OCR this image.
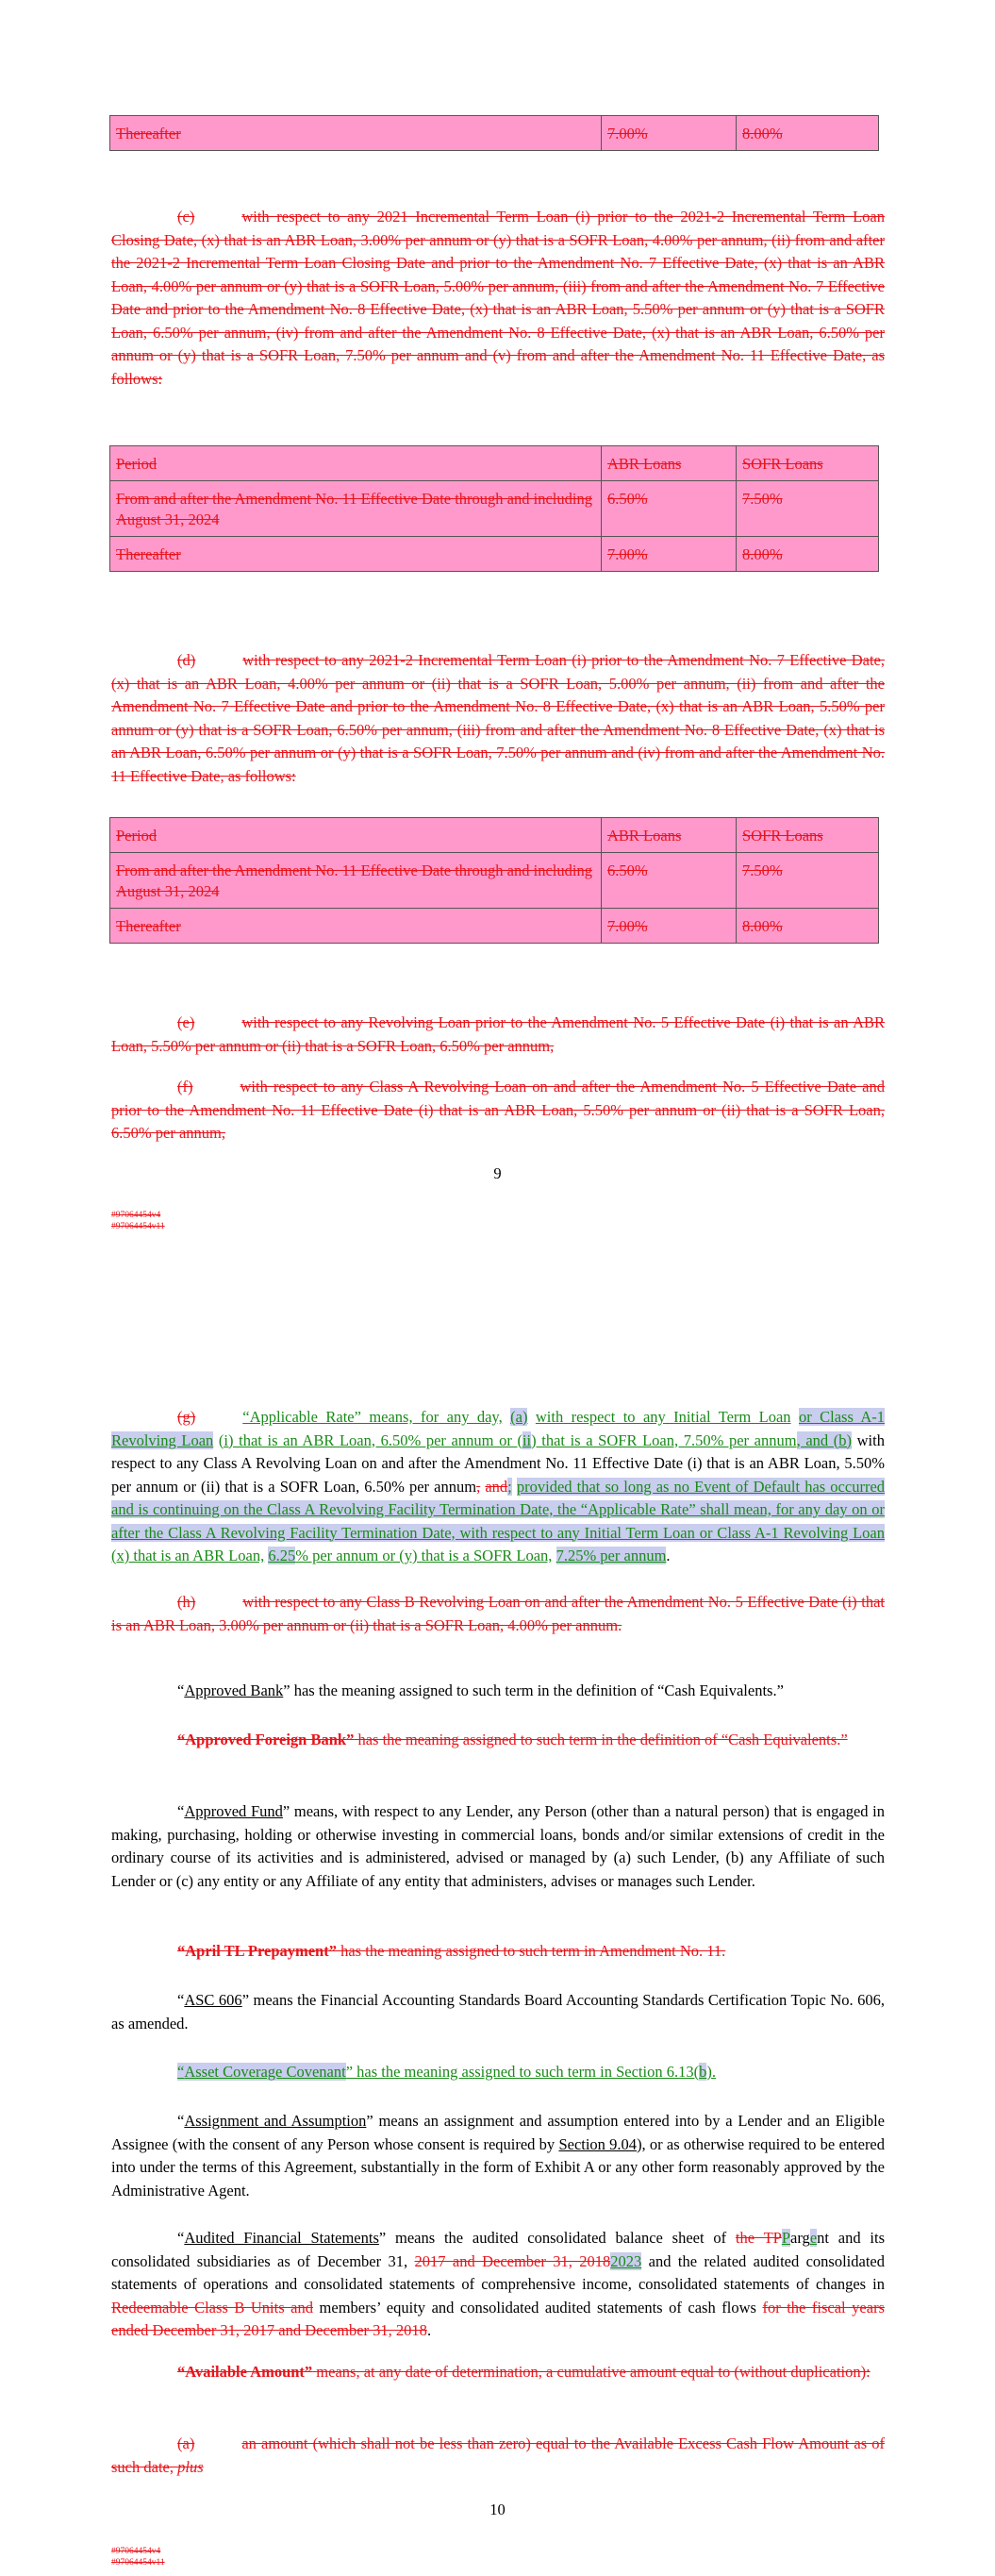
Thereafter	7.00%	8.00%

(c)	with respect to any 2021 Incremental Term Loan (i) prior to the 2021-2 Incremental Term Loan Closing Date, (x) that is an ABR Loan, 3.00% per annum or (y) that is a SOFR Loan, 4.00% per annum, (ii) from and after the 2021-2 Incremental Term Loan Closing Date and prior to the Amendment No. 7 Effective Date, (x) that is an ABR Loan, 4.00% per annum or (y) that is a SOFR Loan, 5.00% per annum, (iii) from and after the Amendment No. 7 Effective Date and prior to the Amendment No. 8 Effective Date, (x) that is an ABR Loan, 5.50% per annum or (y) that is a SOFR Loan, 6.50% per annum, (iv) from and after the Amendment No. 8 Effective Date, (x) that is an ABR Loan, 6.50% per annum or (y) that is a SOFR Loan, 7.50% per annum and (v) from and after the Amendment No. 11 Effective Date, as follows:

Period	ABR Loans	SOFR Loans
From and after the Amendment No. 11 Effective Date through and including August 31, 2024	6.50%	7.50%
Thereafter	7.00%	8.00%

(d)	with respect to any 2021-2 Incremental Term Loan (i) prior to the Amendment No. 7 Effective Date, (x) that is an ABR Loan, 4.00% per annum or (ii) that is a SOFR Loan, 5.00% per annum, (ii) from and after the Amendment No. 7 Effective Date and prior to the Amendment No. 8 Effective Date, (x) that is an ABR Loan, 5.50% per annum or (y) that is a SOFR Loan, 6.50% per annum, (iii) from and after the Amendment No. 8 Effective Date, (x) that is an ABR Loan, 6.50% per annum or (y) that is a SOFR Loan, 7.50% per annum and (iv) from and after the Amendment No. 11 Effective Date, as follows:

Period	ABR Loans	SOFR Loans
From and after the Amendment No. 11 Effective Date through and including August 31, 2024	6.50%	7.50%
Thereafter	7.00%	8.00%

(e)	with respect to any Revolving Loan prior to the Amendment No. 5 Effective Date (i) that is an ABR Loan, 5.50% per annum or (ii) that is a SOFR Loan, 6.50% per annum,

(f)	with respect to any Class A Revolving Loan on and after the Amendment No. 5 Effective Date and prior to the Amendment No. 11 Effective Date (i) that is an ABR Loan, 5.50% per annum or (ii) that is a SOFR Loan, 6.50% per annum,

9
#97064454v4
#97064454v11

(g)	“Applicable Rate” means, for any day, (a) with respect to any Initial Term Loan or Class A-1 Revolving Loan (i) that is an ABR Loan, 6.50% per annum or (ii) that is a SOFR Loan, 7.50% per annum, and (b) with respect to any Class A Revolving Loan on and after the Amendment No. 11 Effective Date (i) that is an ABR Loan, 5.50% per annum or (ii) that is a SOFR Loan, 6.50% per annum, and; provided that so long as no Event of Default has occurred and is continuing on the Class A Revolving Facility Termination Date, the “Applicable Rate” shall mean, for any day on or after the Class A Revolving Facility Termination Date, with respect to any Initial Term Loan or Class A-1 Revolving Loan (x) that is an ABR Loan, 6.25% per annum or (y) that is a SOFR Loan, 7.25% per annum.

(h)	with respect to any Class B Revolving Loan on and after the Amendment No. 5 Effective Date (i) that is an ABR Loan, 3.00% per annum or (ii) that is a SOFR Loan, 4.00% per annum.

“Approved Bank” has the meaning assigned to such term in the definition of “Cash Equivalents.”

“Approved Foreign Bank” has the meaning assigned to such term in the definition of “Cash Equivalents.”

“Approved Fund” means, with respect to any Lender, any Person (other than a natural person) that is engaged in making, purchasing, holding or otherwise investing in commercial loans, bonds and/or similar extensions of credit in the ordinary course of its activities and is administered, advised or managed by (a) such Lender, (b) any Affiliate of such Lender or (c) any entity or any Affiliate of any entity that administers, advises or manages such Lender.

“April TL Prepayment” has the meaning assigned to such term in Amendment No. 11.

“ASC 606” means the Financial Accounting Standards Board Accounting Standards Certification Topic No. 606, as amended.

“Asset Coverage Covenant” has the meaning assigned to such term in Section 6.13(b).

“Assignment and Assumption” means an assignment and assumption entered into by a Lender and an Eligible Assignee (with the consent of any Person whose consent is required by Section 9.04), or as otherwise required to be entered into under the terms of this Agreement, substantially in the form of Exhibit A or any other form reasonably approved by the Administrative Agent.

“Audited Financial Statements” means the audited consolidated balance sheet of the TPPargent and its consolidated subsidiaries as of December 31, 2017 and December 31, 20182023 and the related audited consolidated statements of operations and consolidated statements of comprehensive income, consolidated statements of changes in Redeemable Class B Units and members’ equity and consolidated audited statements of cash flows for the fiscal years ended December 31, 2017 and December 31, 2018.

“Available Amount” means, at any date of determination, a cumulative amount equal to (without duplication):

(a)	an amount (which shall not be less than zero) equal to the Available Excess Cash Flow Amount as of such date, plus

10
#97064454v4
#97064454v11
